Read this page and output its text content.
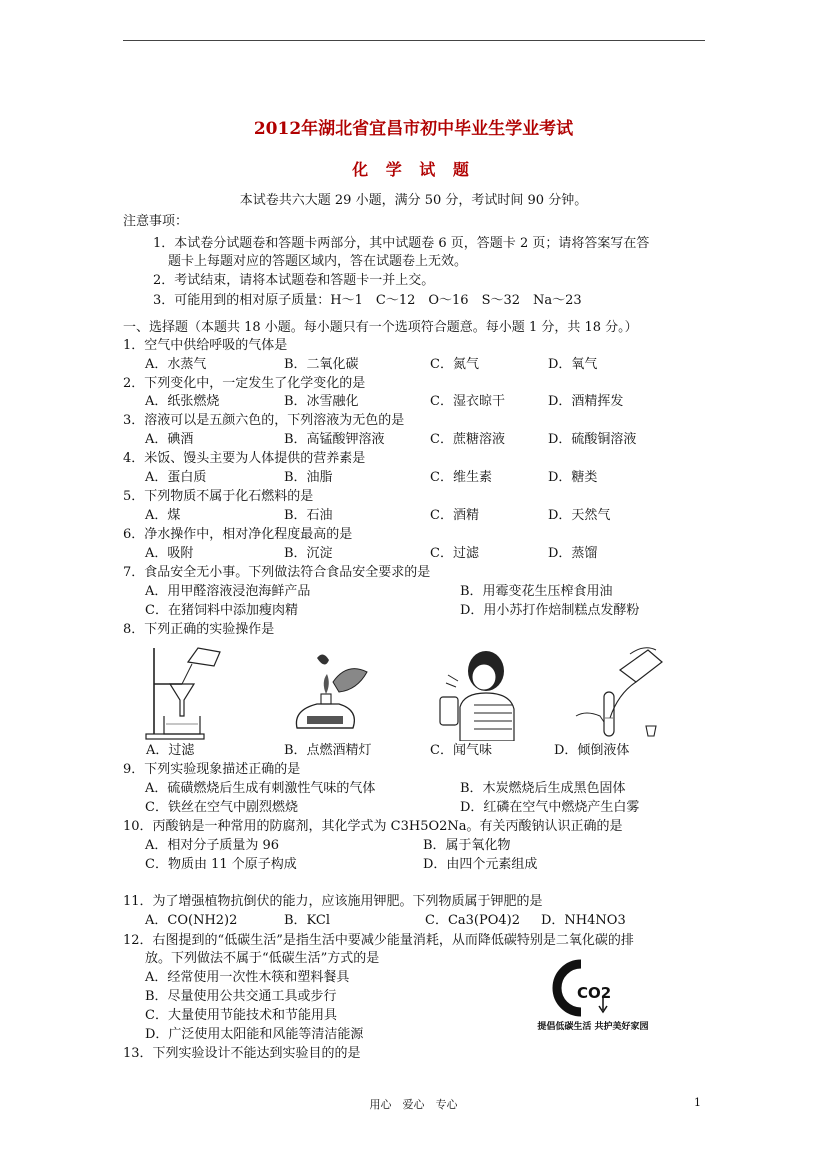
2012年湖北省宜昌市初中毕业生学业考试
化 学 试 题
本试卷共六大题 29 小题，满分 50 分，考试时间 90 分钟。
注意事项：
1．本试卷分试题卷和答题卡两部分，其中试题卷 6 页，答题卡 2 页；请将答案写在答
题卡上每题对应的答题区域内，答在试题卷上无效。
2．考试结束，请将本试题卷和答题卡一并上交。
3．可能用到的相对原子质量：H～1　C～12　O～16　S～32　Na～23
一、选择题（本题共 18 小题。每小题只有一个选项符合题意。每小题 1 分，共 18 分。）
1．空气中供给呼吸的气体是
A．水蒸气	B．二氧化碳	C．氮气	D．氧气
2．下列变化中，一定发生了化学变化的是
A．纸张燃烧	B．冰雪融化	C．湿衣晾干	D．酒精挥发
3．溶液可以是五颜六色的，下列溶液为无色的是
A．碘酒	B．高锰酸钾溶液	C．蔗糖溶液	D．硫酸铜溶液
4．米饭、馒头主要为人体提供的营养素是
A．蛋白质	B．油脂	C．维生素	D．糖类
5．下列物质不属于化石燃料的是
A．煤	B．石油	C．酒精	D．天然气
6．净水操作中，相对净化程度最高的是
A．吸附	B．沉淀	C．过滤	D．蒸馏
7．食品安全无小事。下列做法符合食品安全要求的是
A．用甲醛溶液浸泡海鲜产品	B．用霉变花生压榨食用油
C．在猪饲料中添加瘦肉精	D．用小苏打作焙制糕点发酵粉
8．下列正确的实验操作是
A．过滤	B．点燃酒精灯	C．闻气味	D．倾倒液体
9．下列实验现象描述正确的是
A．硫磺燃烧后生成有刺激性气味的气体	B．木炭燃烧后生成黑色固体
C．铁丝在空气中剧烈燃烧	D．红磷在空气中燃烧产生白雾
10．丙酸钠是一种常用的防腐剂，其化学式为 C3H5O2Na。有关丙酸钠认识正确的是
A．相对分子质量为 96	B．属于氧化物
C．物质由 11 个原子构成	D．由四个元素组成
11．为了增强植物抗倒伏的能力，应该施用钾肥。下列物质属于钾肥的是
A．CO(NH2)2	B．KCl	C．Ca3(PO4)2 D．NH4NO3
12．右图提到的“低碳生活”是指生活中要减少能量消耗，从而降低碳特别是二氧化碳的排
放。下列做法不属于“低碳生活”方式的是
A．经常使用一次性木筷和塑料餐具
B．尽量使用公共交通工具或步行
C．大量使用节能技术和节能用具
D．广泛使用太阳能和风能等清洁能源
CO2
提倡低碳生活 共护美好家园
13．下列实验设计不能达到实验目的的是
用心　爱心　专心	1
